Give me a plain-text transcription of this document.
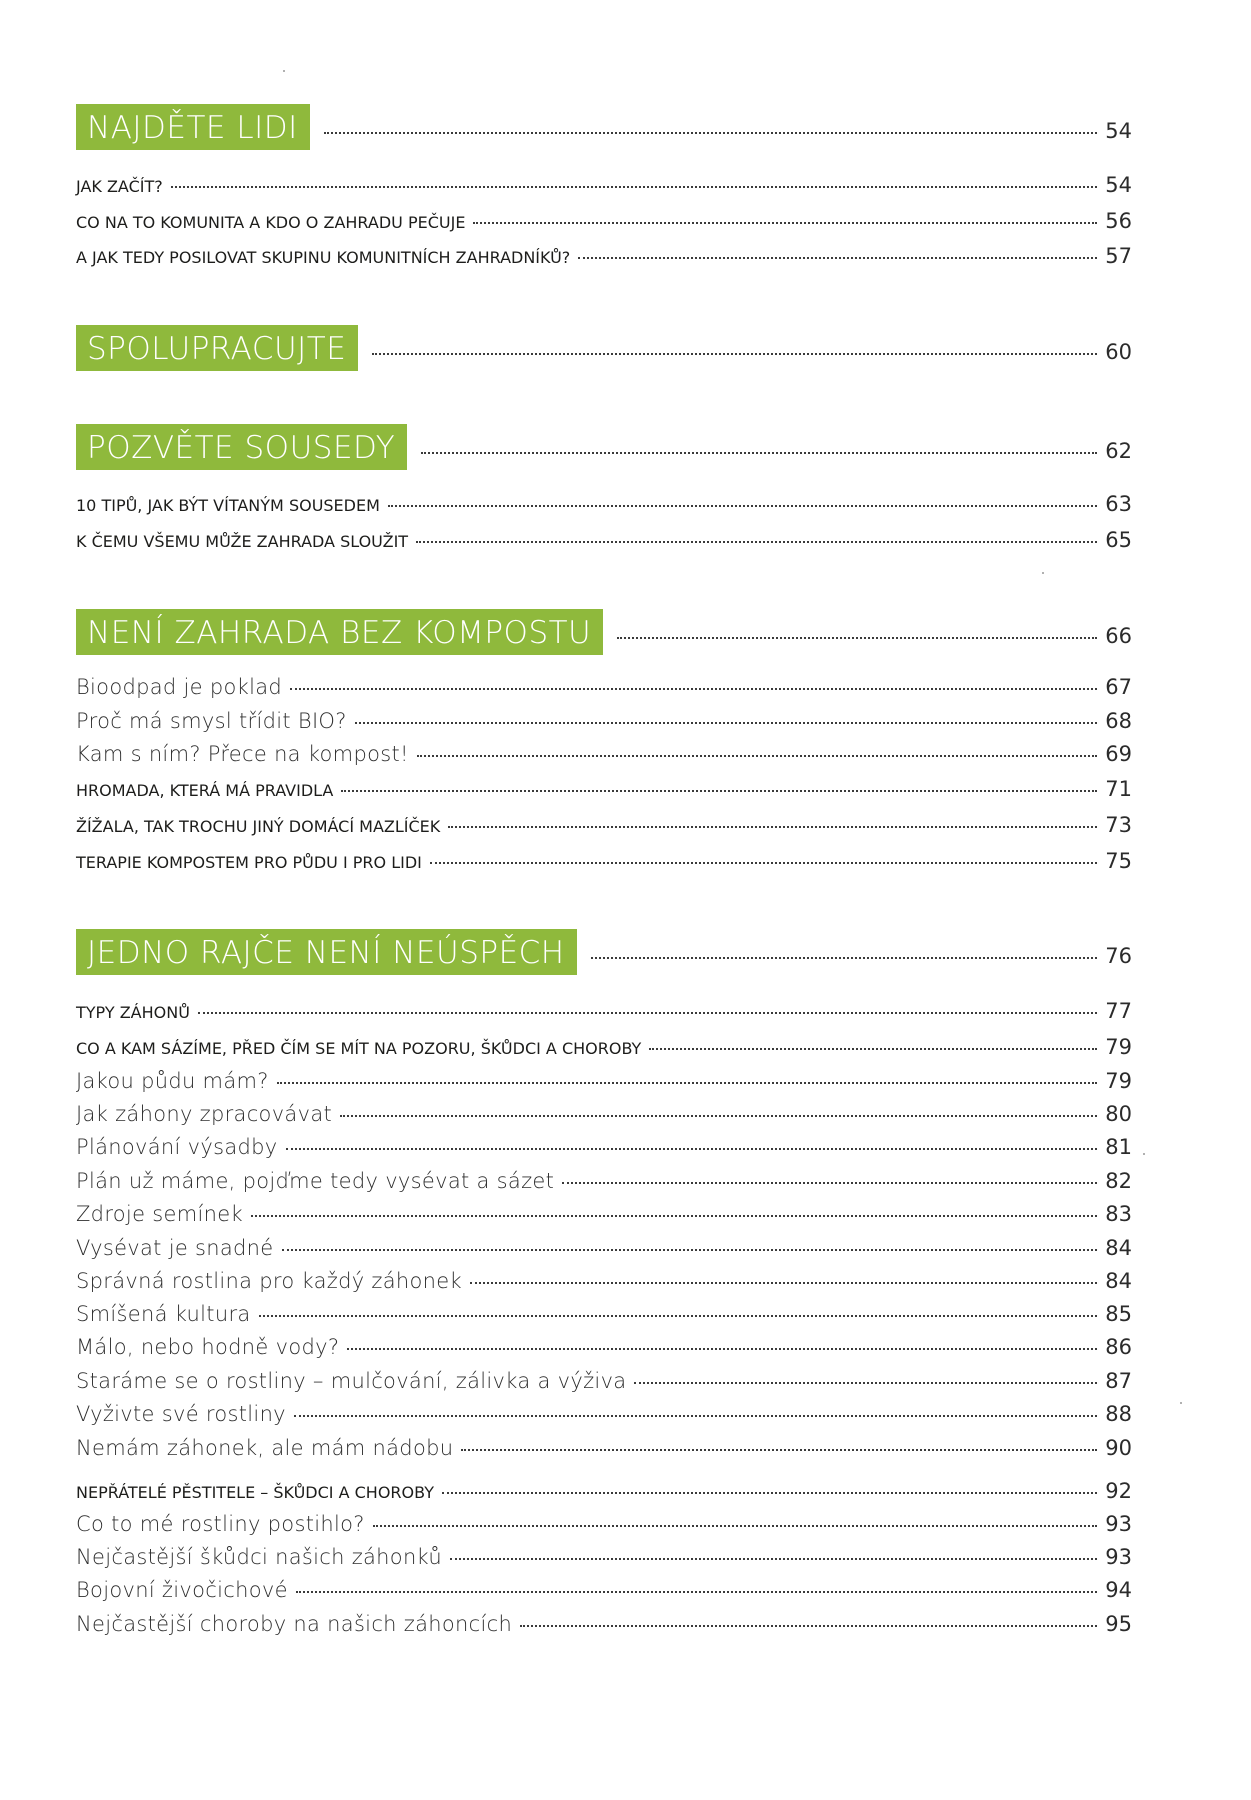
NAJDĚTE LIDI	54
JAK ZAČÍT?	54
CO NA TO KOMUNITA A KDO O ZAHRADU PEČUJE	56
A JAK TEDY POSILOVAT SKUPINU KOMUNITNÍCH ZAHRADNÍKŮ?	57
SPOLUPRACUJTE	60
POZVĚTE SOUSEDY	62
10 TIPŮ, JAK BÝT VÍTANÝM SOUSEDEM	63
K ČEMU VŠEMU MŮŽE ZAHRADA SLOUŽIT	65
NENÍ ZAHRADA BEZ KOMPOSTU	66
Bioodpad je poklad	67
Proč má smysl třídit BIO?	68
Kam s ním? Přece na kompost!	69
HROMADA, KTERÁ MÁ PRAVIDLA	71
ŽÍŽALA, TAK TROCHU JINÝ DOMÁCÍ MAZLÍČEK	73
TERAPIE KOMPOSTEM PRO PŮDU I PRO LIDI	75
JEDNO RAJČE NENÍ NEÚSPĚCH	76
TYPY ZÁHONŮ	77
CO A KAM SÁZÍME, PŘED ČÍM SE MÍT NA POZORU, ŠKŮDCI A CHOROBY	79
Jakou půdu mám?	79
Jak záhony zpracovávat	80
Plánování výsadby	81
Plán už máme, pojďme tedy vysévat a sázet	82
Zdroje semínek	83
Vysévat je snadné	84
Správná rostlina pro každý záhonek	84
Smíšená kultura	85
Málo, nebo hodně vody?	86
Staráme se o rostliny – mulčování, zálivka a výživa	87
Vyživte své rostliny	88
Nemám záhonek, ale mám nádobu	90
NEPŘÁTELÉ PĚSTITELE – ŠKŮDCI A CHOROBY	92
Co to mé rostliny postihlo?	93
Nejčastější škůdci našich záhonků	93
Bojovní živočichové	94
Nejčastější choroby na našich záhoncích	95
